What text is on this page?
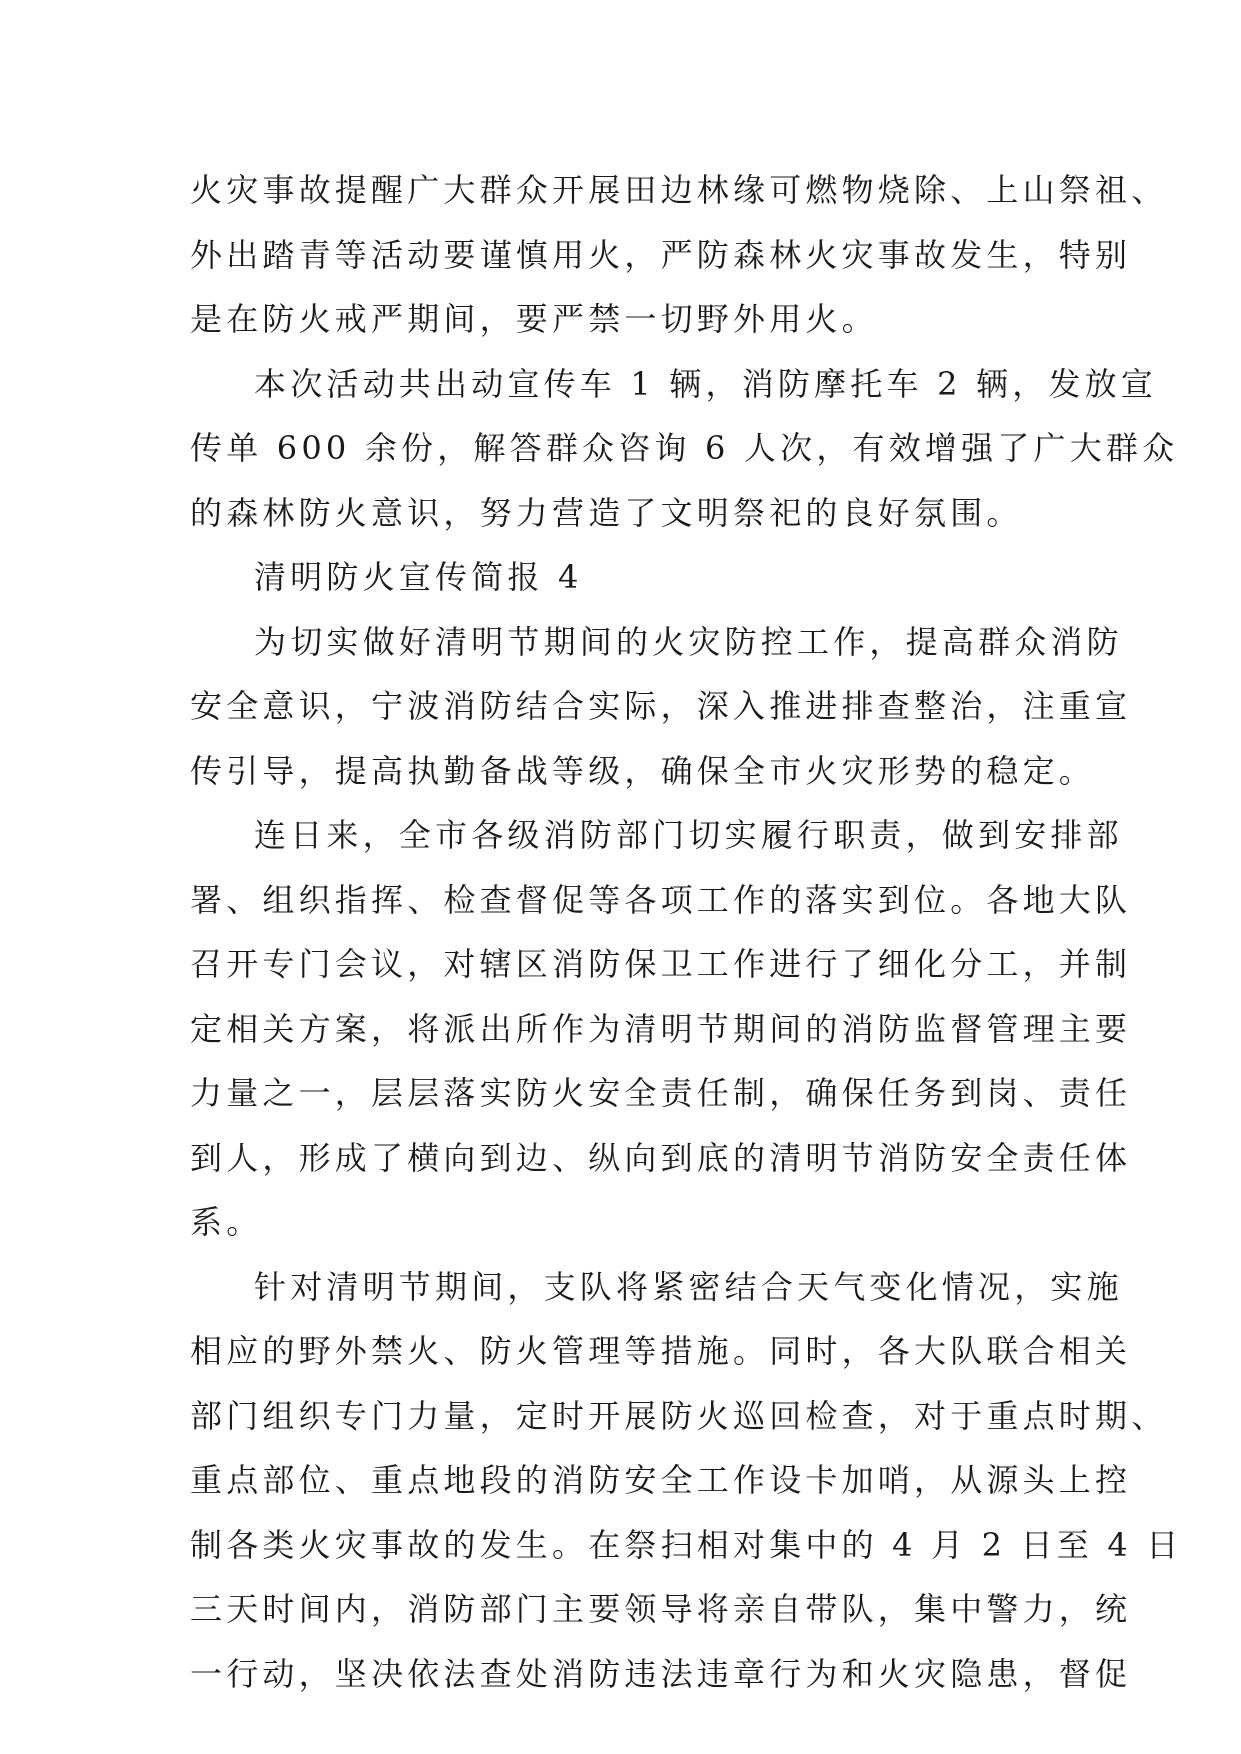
火灾事故提醒广大群众开展田边林缘可燃物烧除、上山祭祖、
外出踏青等活动要谨慎用火，严防森林火灾事故发生，特别
是在防火戒严期间，要严禁一切野外用火。
本次活动共出动宣传车 1 辆，消防摩托车 2 辆，发放宣
传单 600 余份，解答群众咨询 6 人次，有效增强了广大群众
的森林防火意识，努力营造了文明祭祀的良好氛围。
清明防火宣传简报 4
为切实做好清明节期间的火灾防控工作，提高群众消防
安全意识，宁波消防结合实际，深入推进排查整治，注重宣
传引导，提高执勤备战等级，确保全市火灾形势的稳定。
连日来，全市各级消防部门切实履行职责，做到安排部
署、组织指挥、检查督促等各项工作的落实到位。各地大队
召开专门会议，对辖区消防保卫工作进行了细化分工，并制
定相关方案，将派出所作为清明节期间的消防监督管理主要
力量之一，层层落实防火安全责任制，确保任务到岗、责任
到人，形成了横向到边、纵向到底的清明节消防安全责任体
系。
针对清明节期间，支队将紧密结合天气变化情况，实施
相应的野外禁火、防火管理等措施。同时，各大队联合相关
部门组织专门力量，定时开展防火巡回检查，对于重点时期、
重点部位、重点地段的消防安全工作设卡加哨，从源头上控
制各类火灾事故的发生。在祭扫相对集中的 4 月 2 日至 4 日
三天时间内，消防部门主要领导将亲自带队，集中警力，统
一行动，坚决依法查处消防违法违章行为和火灾隐患，督促
